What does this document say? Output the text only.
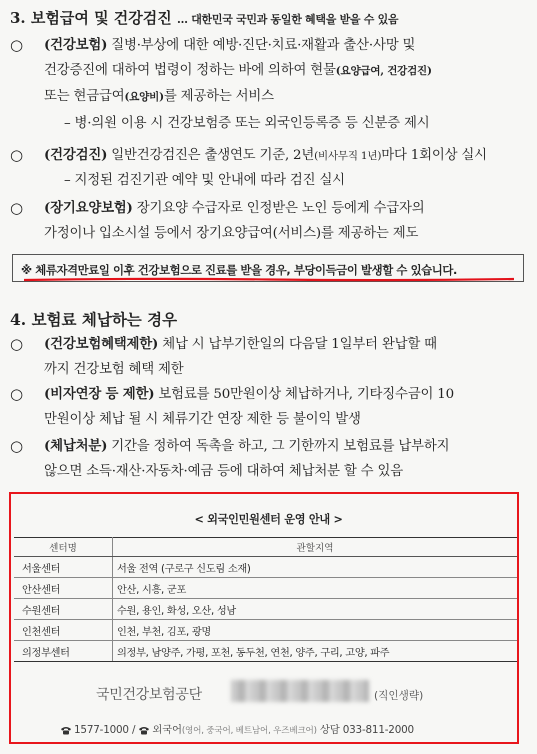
3. 보험급여 및 건강검진 … 대한민국 국민과 동일한 혜택을 받을 수 있음
○ (건강보험) 질병·부상에 대한 예방·진단·치료·재활과 출산·사망 및
건강증진에 대하여 법령이 정하는 바에 의하여 현물(요양급여, 건강검진)
또는 현금급여(요양비)를 제공하는 서비스
– 병·의원 이용 시 건강보험증 또는 외국인등록증 등 신분증 제시
○ (건강검진) 일반건강검진은 출생연도 기준, 2년(비사무직 1년)마다 1회이상 실시
– 지정된 검진기관 예약 및 안내에 따라 검진 실시
○ (장기요양보험) 장기요양 수급자로 인정받은 노인 등에게 수급자의
가정이나 입소시설 등에서 장기요양급여(서비스)를 제공하는 제도
※ 체류자격만료일 이후 건강보험으로 진료를 받을 경우, 부당이득금이 발생할 수 있습니다.
4. 보험료 체납하는 경우
○ (건강보험혜택제한) 체납 시 납부기한일의 다음달 1일부터 완납할 때
까지 건강보험 혜택 제한
○ (비자연장 등 제한) 보험료를 50만원이상 체납하거나, 기타징수금이 10
만원이상 체납 될 시 체류기간 연장 제한 등 불이익 발생
○ (체납처분) 기간을 정하여 독촉을 하고, 그 기한까지 보험료를 납부하지
않으면 소득·재산·자동차·예금 등에 대하여 체납처분 할 수 있음
< 외국인민원센터 운영 안내 >
센터명	관할지역
서울센터	서울 전역 (구로구 신도림 소재)
안산센터	안산, 시흥, 군포
수원센터	수원, 용인, 화성, 오산, 성남
인천센터	인천, 부천, 김포, 광명
의정부센터	의정부, 남양주, 가평, 포천, 동두천, 연천, 양주, 구리, 고양, 파주
국민건강보험공단	(직인생략)
1577-1000 / 외국어(영어, 중국어, 베트남어, 우즈베크어) 상담 033-811-2000
